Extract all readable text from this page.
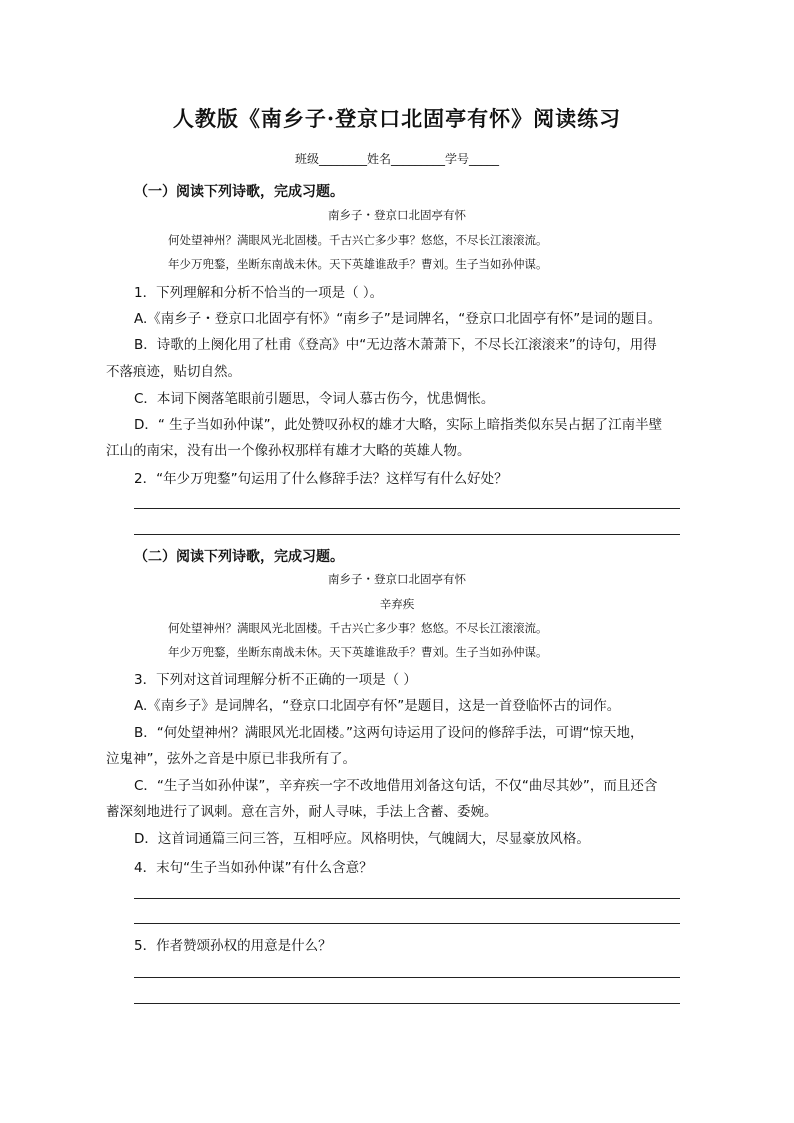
人教版《南乡子·登京口北固亭有怀》阅读练习
班级________姓名_________学号_____
（一）阅读下列诗歌，完成习题。
南乡子・登京口北固亭有怀
何处望神州？满眼风光北固楼。千古兴亡多少事？悠悠，不尽长江滚滚流。
年少万兜鍪，坐断东南战未休。天下英雄谁敌手？曹刘。生子当如孙仲谋。
1．下列理解和分析不恰当的一项是（ ）。
A.《南乡子・登京口北固亭有怀》“南乡子”是词牌名，“登京口北固亭有怀”是词的题目。
B．诗歌的上阕化用了杜甫《登高》中“无边落木萧萧下，不尽长江滚滚来”的诗句，用得
不落痕迹，贴切自然。
C．本词下阕落笔眼前引题思，令词人慕古伤今，忧患惆怅。
D．“ 生子当如孙仲谋”，此处赞叹孙权的雄才大略，实际上暗指类似东吴占据了江南半壁
江山的南宋，没有出一个像孙权那样有雄才大略的英雄人物。
2．“年少万兜鍪”句运用了什么修辞手法？这样写有什么好处？
（二）阅读下列诗歌，完成习题。
南乡子・登京口北固亭有怀
辛弃疾
何处望神州？满眼风光北固楼。千古兴亡多少事？悠悠。不尽长江滚滚流。
年少万兜鍪，坐断东南战未休。天下英雄谁敌手？曹刘。生子当如孙仲谋。
3．下列对这首词理解分析不正确的一项是（ ）
A.《南乡子》是词牌名，“登京口北固亭有怀”是题目，这是一首登临怀古的词作。
B．“何处望神州？满眼风光北固楼。”这两句诗运用了设问的修辞手法，可谓“惊天地，
泣鬼神”，弦外之音是中原已非我所有了。
C．“生子当如孙仲谋”，辛弃疾一字不改地借用刘备这句话，不仅“曲尽其妙”，而且还含
蓄深刻地进行了讽刺。意在言外，耐人寻味，手法上含蓄、委婉。
D．这首词通篇三问三答，互相呼应。风格明快，气魄阔大，尽显豪放风格。
4．末句“生子当如孙仲谋”有什么含意？
5．作者赞颂孙权的用意是什么？
